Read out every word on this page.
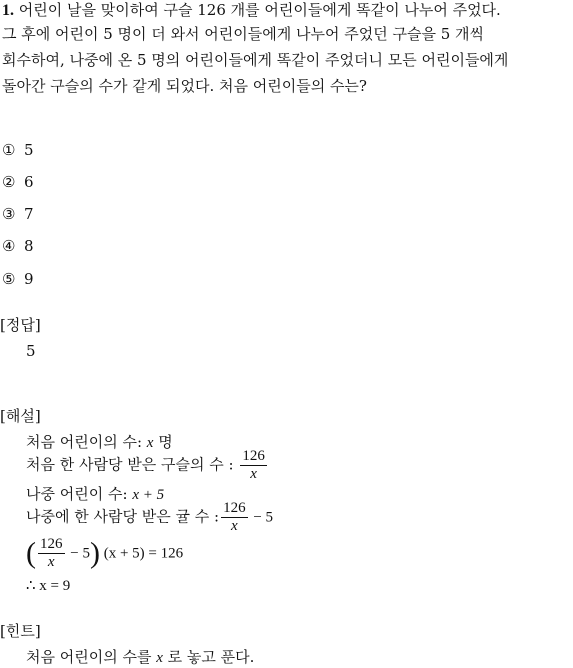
1. 어린이 날을 맞이하여 구슬 126 개를 어린이들에게 똑같이 나누어 주었다.
그 후에 어린이 5 명이 더 와서 어린이들에게 나누어 주었던 구슬을 5 개씩
회수하여, 나중에 온 5 명의 어린이들에게 똑같이 주었더니 모든 어린이들에게
돌아간 구슬의 수가 같게 되었다. 처음 어린이들의 수는?
① 5
② 6
③ 7
④ 8
⑤ 9
[정답]
5
[해설]
처음 어린이의 수: x 명
처음 한 사람당 받은 구슬의 수 : $\frac{126}{x}$
나중 어린이 수: x + 5
나중에 한 사람당 받은 귤 수 : $\frac{126}{x} - 5$
( $\frac{126}{x} - 5$) (x + 5) = 126
∴ x = 9
[힌트]
처음 어린이의 수를 x 로 놓고 푼다.
